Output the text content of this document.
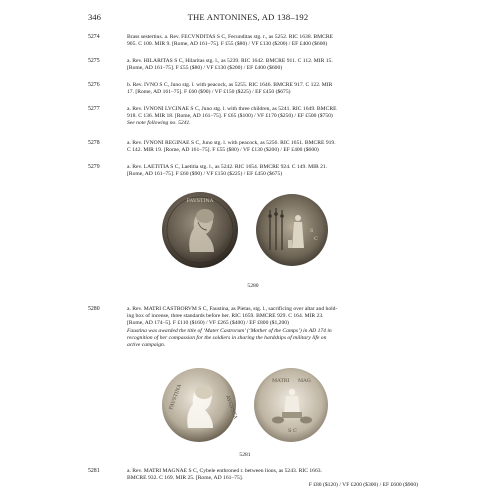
346	THE ANTONINES, AD 138–192
5274	Brass sestertius. a. Rev. FECVNDITAS S C, Fecunditas stg. r., as 5252. RIC 1638. BMCRE
905. C 100. MIR 9. [Rome, AD 161–75]. F £55 ($80) / VF £130 ($200) / EF £400 ($600)
5275	a. Rev. HILARITAS S C, Hilaritas stg. l., as 5239. RIC 1642. BMCRE 911. C 112. MIR 15.
[Rome, AD 161–75]. F £55 ($80) / VF £130 ($200) / EF £400 ($600)
5276	b. Rev. IVNO S C, Juno stg. l. with peacock, as 5255. RIC 1646. BMCRE 917. C 122. MIR
17. [Rome, AD 161–75]. F £60 ($90) / VF £150 ($225) / EF £450 ($675)
5277	a. Rev. IVNONI LVCINAE S C, Juno stg. l. with three children, as 5241. RIC 1649. BMCRE
918. C 136. MIR 18. [Rome, AD 161–75]. F £65 ($100) / VF £170 ($250) / EF £500 ($750)
See note following no. 5241.
5278	a. Rev. IVNONI REGINAE S C, Juno stg. l. with peacock, as 5256. RIC 1651. BMCRE 919.
C 142. MIR 19. [Rome, AD 161–75]. F £55 ($80) / VF £130 ($200) / EF £400 ($600)
5279	a. Rev. LAETITIA S C, Laetitia stg. l., as 5242. RIC 1654. BMCRE 924. C 149. MIR 21.
[Rome, AD 161–75]. F £60 ($90) / VF £150 ($225) / EF £450 ($675)
FAVSTINA
S
C
5280
5280	a. Rev. MATRI CASTRORVM S C, Faustina, as Pietas, stg. l., sacrificing over altar and hold-
ing box of incense, three standards before her. RIC 1659. BMCRE 929. C 164. MIR 23.
[Rome, AD 174–5]. F £110 ($160) / VF £265 ($400) / EF £800 ($1,200)
Faustina was awarded the title of ‘Mater Castrorum’ (‘Mother of the Camps’) in AD 174 in
recognition of her compassion for the soldiers in sharing the hardships of military life on
active campaign.
FAVSTINA	AVGVSTA
MATRI MAG
S C
5281
5281	a. Rev. MATRI MAGNAE S C, Cybele enthroned r. between lions, as 5243. RIC 1663.
BMCRE 932. C 169. MIR 25. [Rome, AD 161–75].
F £80 ($120) / VF £200 ($300) / EF £600 ($900)
